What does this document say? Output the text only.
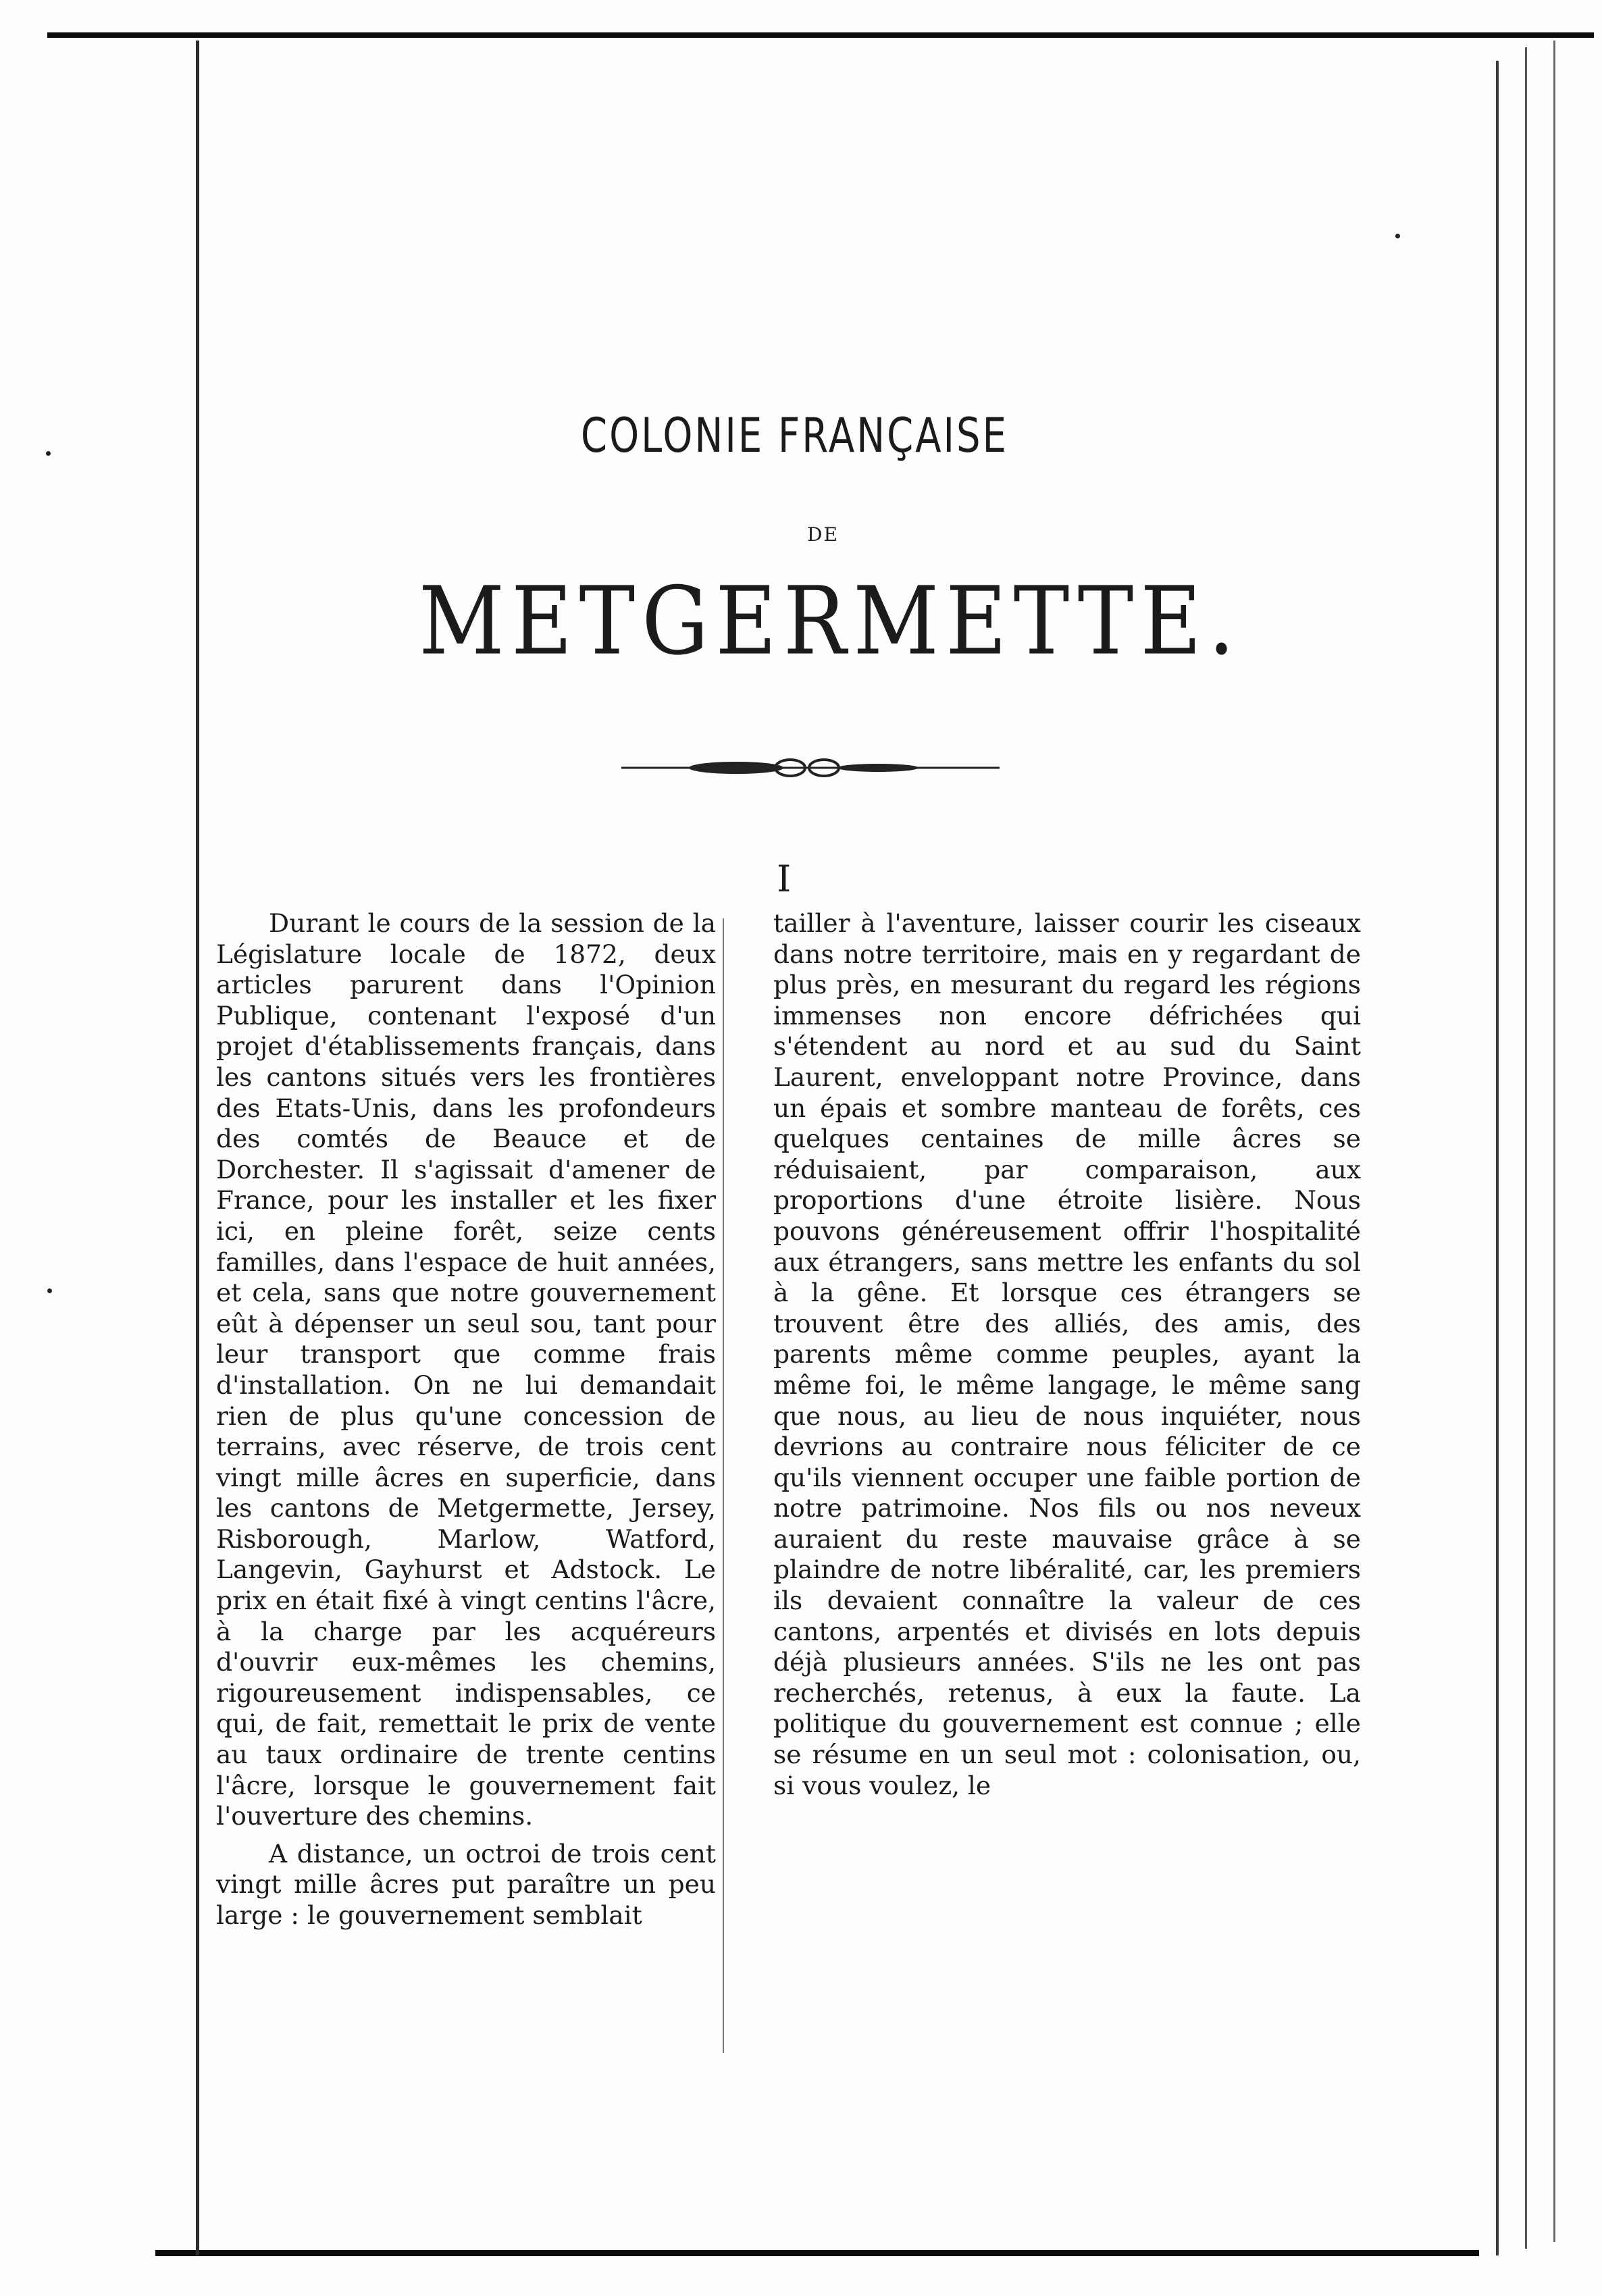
COLONIE FRANÇAISE
DE
METGERMETTE.
I

Durant le cours de la session de la Législature locale de 1872, deux articles parurent dans l'Opinion Publique, contenant l'exposé d'un projet d'établissements français, dans les cantons situés vers les frontières des Etats-Unis, dans les profondeurs des comtés de Beauce et de Dorchester. Il s'agissait d'amener de France, pour les installer et les fixer ici, en pleine forêt, seize cents familles, dans l'espace de huit années, et cela, sans que notre gouvernement eût à dépenser un seul sou, tant pour leur transport que comme frais d'installation. On ne lui demandait rien de plus qu'une concession de terrains, avec réserve, de trois cent vingt mille âcres en superficie, dans les cantons de Metgermette, Jersey, Risborough, Marlow, Watford, Langevin, Gayhurst et Adstock. Le prix en était fixé à vingt centins l'âcre, à la charge par les acquéreurs d'ouvrir eux-mêmes les chemins, rigoureusement indispensables, ce qui, de fait, remettait le prix de vente au taux ordinaire de trente centins l'âcre, lorsque le gouvernement fait l'ouverture des chemins.

A distance, un octroi de trois cent vingt mille âcres put paraître un peu large : le gouvernement semblait

tailler à l'aventure, laisser courir les ciseaux dans notre territoire, mais en y regardant de plus près, en mesurant du regard les régions immenses non encore défrichées qui s'étendent au nord et au sud du Saint Laurent, enveloppant notre Province, dans un épais et sombre manteau de forêts, ces quelques centaines de mille âcres se réduisaient, par comparaison, aux proportions d'une étroite lisière. Nous pouvons généreusement offrir l'hospitalité aux étrangers, sans mettre les enfants du sol à la gêne. Et lorsque ces étrangers se trouvent être des alliés, des amis, des parents même comme peuples, ayant la même foi, le même langage, le même sang que nous, au lieu de nous inquiéter, nous devrions au contraire nous féliciter de ce qu'ils viennent occuper une faible portion de notre patrimoine. Nos fils ou nos neveux auraient du reste mauvaise grâce à se plaindre de notre libéralité, car, les premiers ils devaient connaître la valeur de ces cantons, arpentés et divisés en lots depuis déjà plusieurs années. S'ils ne les ont pas recherchés, retenus, à eux la faute. La politique du gouvernement est connue ; elle se résume en un seul mot : colonisation, ou, si vous voulez, le
